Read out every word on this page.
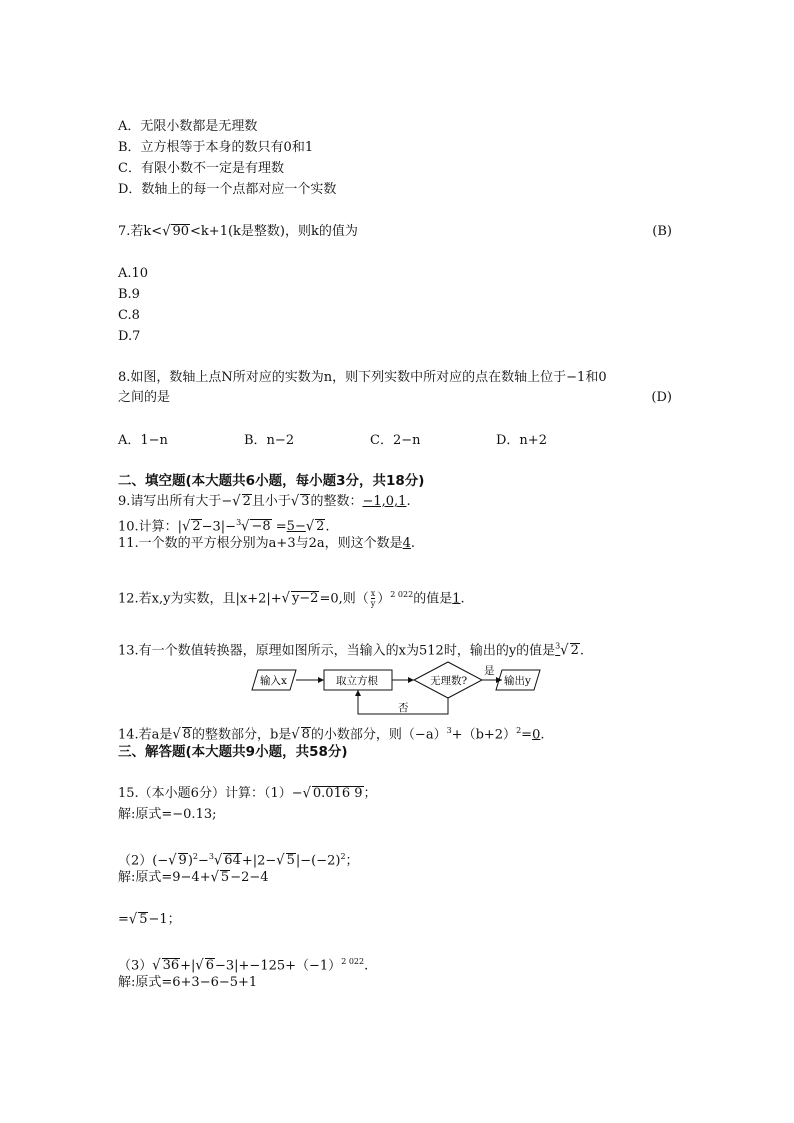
A．无限小数都是无理数
B．立方根等于本身的数只有0和1
C．有限小数不一定是有理数
D．数轴上的每一个点都对应一个实数
7.若k<√ 90<k+1(k是整数)，则k的值为	(B)
A.10
B.9
C.8
D.7
8.如图，数轴上点N所对应的实数为n，则下列实数中所对应的点在数轴上位于−1和0
之间的是	(D)
A．1−n	B．n−2	C．2−n	D．n+2
二、填空题(本大题共6小题，每小题3分，共18分)
9.请写出所有大于−√ 2且小于√ 3的整数：−1,0,1.
10.计算：|√ 2−3|−$^3$√ −8 =5−√ 2.
11.一个数的平方根分别为a+3与2a，则这个数是4.
12.若x,y为实数，且|x+2|+√ y−2=0,则（ $\frac{x}{y} )^{2 022}$的值是1.
13.有一个数值转换器，原理如图所示，当输入的x为512时，输出的y的值是$^3$√ 2.
输入x	取立方根	无理数?
是
输出y
否
14.若a是√ 8的整数部分，b是√ 8的小数部分，则$(-a)^3+(b+2)^2=0$.
三、解答题(本大题共9小题，共58分)
15.（本小题6分）计算：（1）−√ 0.016 9；
解:原式=−0.13;
（2）(−√ 9)$^2$−$^3$√ 64+|2−√ $5|-(-2)^2$；
解:原式=9−4+√ 5−2−4
=√ 5−1；
（3）√ 36+|√ $6-3|+-125+(-1)^{2 022}$.
解:原式=6+3−6−5+1
